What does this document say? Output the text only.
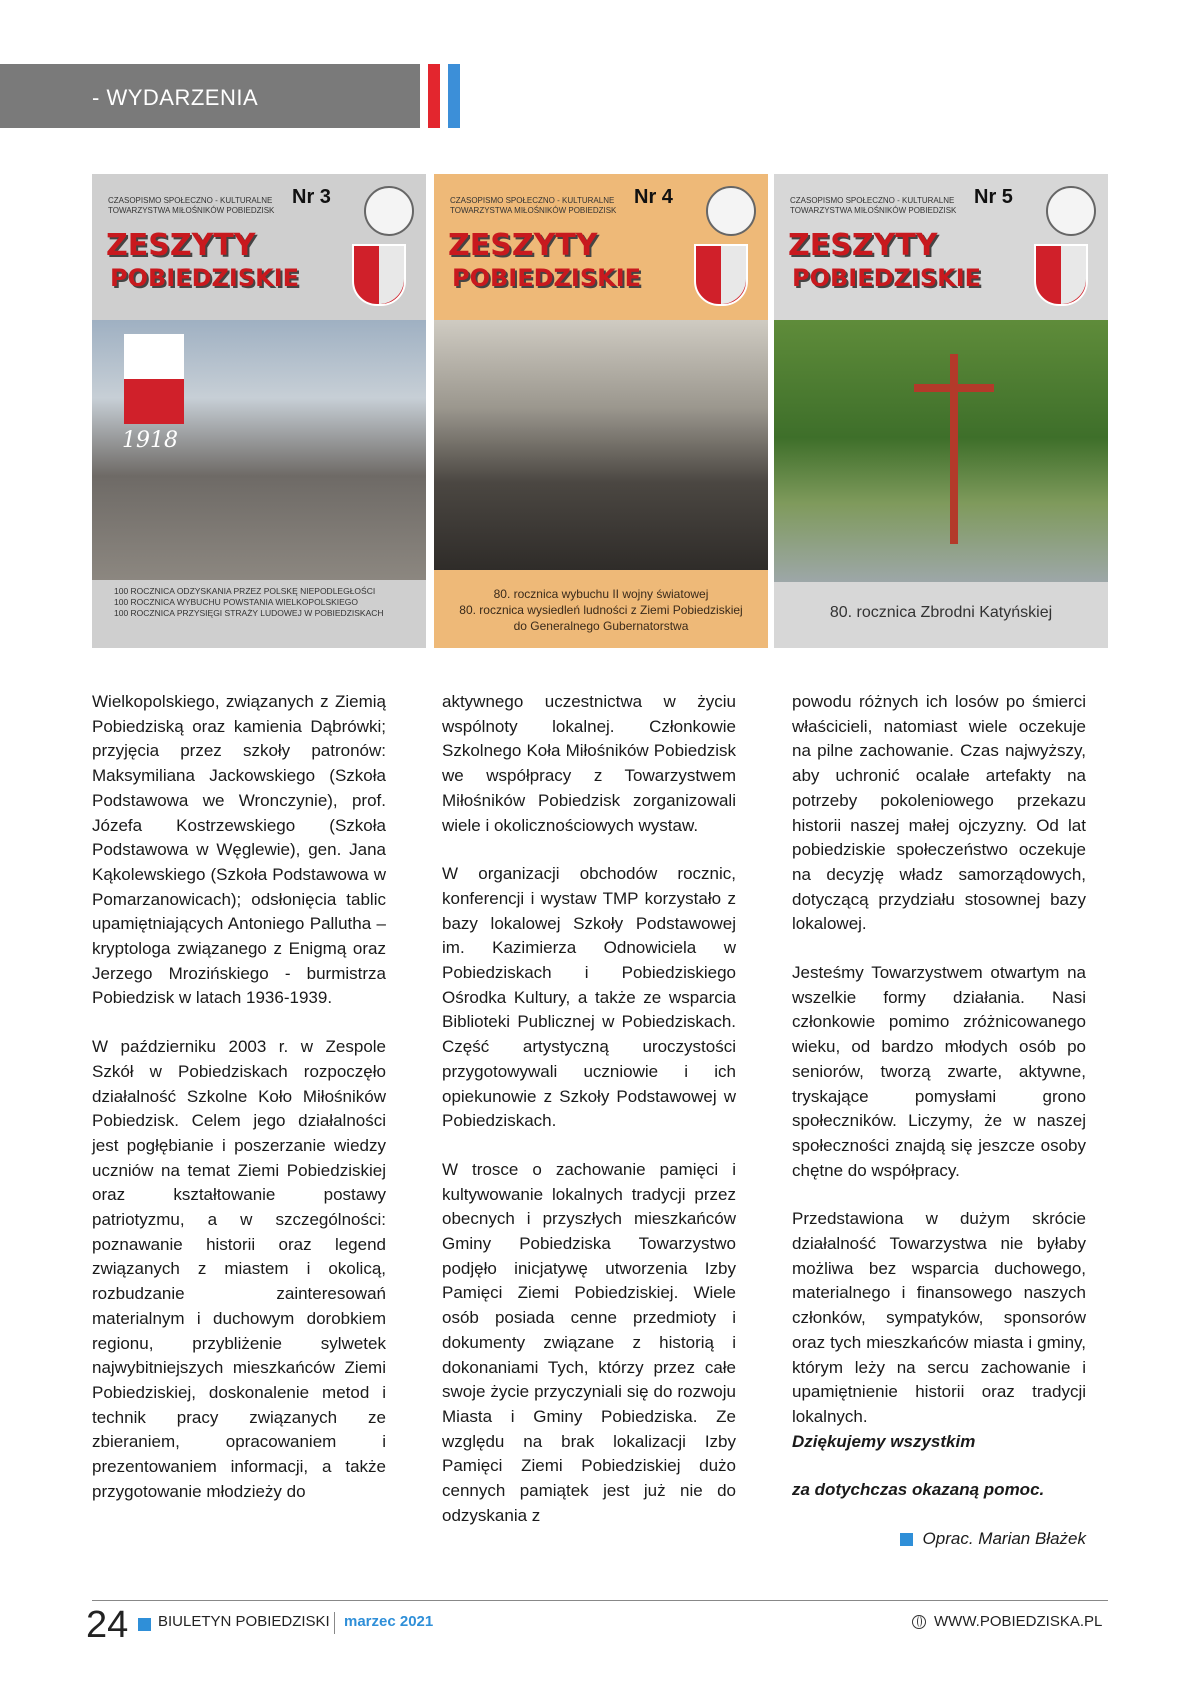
- WYDARZENIA
CZASOPISMO SPOŁECZNO - KULTURALNE TOWARZYSTWA MIŁOŚNIKÓW POBIEDZISK
Nr 3
ZESZYTY
POBIEDZISKIE
1918
100 ROCZNICA ODZYSKANIA PRZEZ POLSKĘ NIEPODLEGŁOŚCI
100 ROCZNICA WYBUCHU POWSTANIA WIELKOPOLSKIEGO
100 ROCZNICA PRZYSIĘGI STRAŻY LUDOWEJ W POBIEDZISKACH
CZASOPISMO SPOŁECZNO - KULTURALNE TOWARZYSTWA MIŁOŚNIKÓW POBIEDZISK
Nr 4
ZESZYTY
POBIEDZISKIE
80. rocznica wybuchu II wojny światowej
80. rocznica wysiedleń ludności z Ziemi Pobiedziskiej
do Generalnego Gubernatorstwa
CZASOPISMO SPOŁECZNO - KULTURALNE TOWARZYSTWA MIŁOŚNIKÓW POBIEDZISK
Nr 5
ZESZYTY
POBIEDZISKIE
80. rocznica Zbrodni Katyńskiej

Wielkopolskiego, związanych z Ziemią Pobiedziską oraz kamienia Dąbrówki; przyjęcia przez szkoły patronów: Maksymiliana Jackowskiego (Szkoła Podstawowa we Wronczynie), prof. Józefa Kostrzewskiego (Szkoła Podstawowa w Węglewie), gen. Jana Kąkolewskiego (Szkoła Podstawowa w Pomarzanowicach); odsłonięcia tablic upamiętniających Antoniego Pallutha – kryptologa związanego z Enigmą oraz Jerzego Mrozińskiego - burmistrza Pobiedzisk w latach 1936-1939.

W październiku 2003 r. w Zespole Szkół w Pobiedziskach rozpoczęło działalność Szkolne Koło Miłośników Pobiedzisk. Celem jego działalności jest pogłębianie i poszerzanie wiedzy uczniów na temat Ziemi Pobiedziskiej oraz kształtowanie postawy patriotyzmu, a w szczególności: poznawanie historii oraz legend związanych z miastem i okolicą, rozbudzanie zainteresowań materialnym i duchowym dorobkiem regionu, przybliżenie sylwetek najwybitniejszych mieszkańców Ziemi Pobiedziskiej, doskonalenie metod i technik pracy związanych ze zbieraniem, opracowaniem i prezentowaniem informacji, a także przygotowanie młodzieży do

aktywnego uczestnictwa w życiu wspólnoty lokalnej. Członkowie Szkolnego Koła Miłośników Pobiedzisk we współpracy z Towarzystwem Miłośników Pobiedzisk zorganizowali wiele i okolicznościowych wystaw.

W organizacji obchodów rocznic, konferencji i wystaw TMP korzystało z bazy lokalowej Szkoły Podstawowej im. Kazimierza Odnowiciela w Pobiedziskach i Pobiedziskiego Ośrodka Kultury, a także ze wsparcia Biblioteki Publicznej w Pobiedziskach. Część artystyczną uroczystości przygotowywali uczniowie i ich opiekunowie z Szkoły Podstawowej w Pobiedziskach.

W trosce o zachowanie pamięci i kultywowanie lokalnych tradycji przez obecnych i przyszłych mieszkańców Gminy Pobiedziska Towarzystwo podjęło inicjatywę utworzenia Izby Pamięci Ziemi Pobiedziskiej. Wiele osób posiada cenne przedmioty i dokumenty związane z historią i dokonaniami Tych, którzy przez całe swoje życie przyczyniali się do rozwoju Miasta i Gminy Pobiedziska. Ze względu na brak lokalizacji Izby Pamięci Ziemi Pobiedziskiej dużo cennych pamiątek jest już nie do odzyskania z

powodu różnych ich losów po śmierci właścicieli, natomiast wiele oczekuje na pilne zachowanie. Czas najwyższy, aby uchronić ocalałe artefakty na potrzeby pokoleniowego przekazu historii naszej małej ojczyzny. Od lat pobiedziskie społeczeństwo oczekuje na decyzję władz samorządowych, dotyczącą przydziału stosownej bazy lokalowej.

Jesteśmy Towarzystwem otwartym na wszelkie formy działania. Nasi członkowie pomimo zróżnicowanego wieku, od bardzo młodych osób po seniorów, tworzą zwarte, aktywne, tryskające pomysłami grono społeczników. Liczymy, że w naszej społeczności znajdą się jeszcze osoby chętne do współpracy.

Przedstawiona w dużym skrócie działalność Towarzystwa nie byłaby możliwa bez wsparcia duchowego, materialnego i finansowego naszych członków, sympatyków, sponsorów oraz tych mieszkańców miasta i gminy, którym leży na sercu zachowanie i upamiętnienie historii oraz tradycji lokalnych.

Dziękujemy wszystkim

za dotychczas okazaną pomoc.

Oprac. Marian Błażek
24 BIULETYN POBIEDZISKI marzec 2021	WWW.POBIEDZISKA.PL
